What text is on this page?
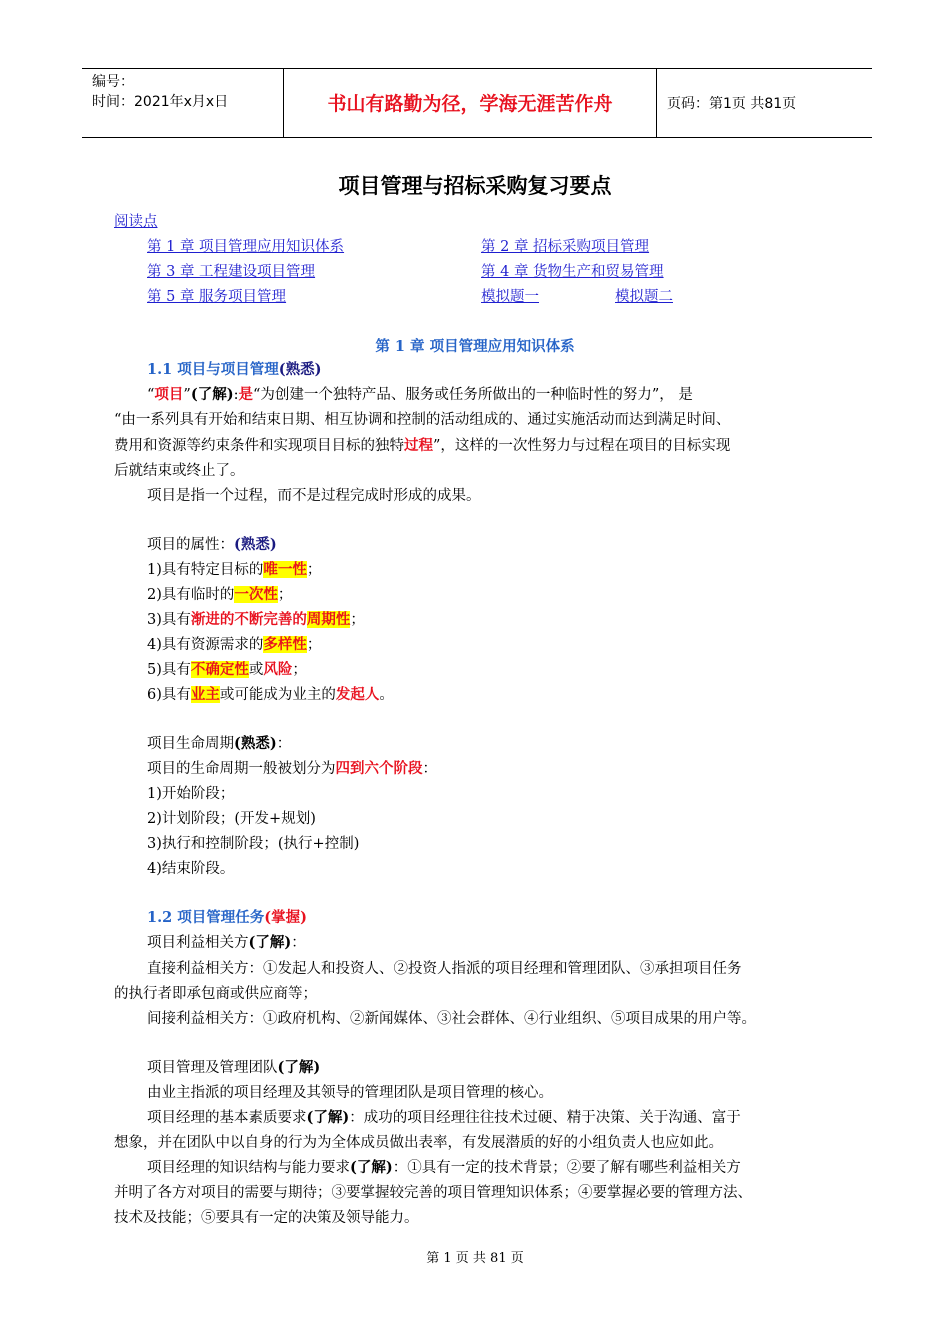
编号：
时间：2021年x月x日	书山有路勤为径，学海无涯苦作舟	页码：第1页 共81页
项目管理与招标采购复习要点
阅读点
第 1 章 项目管理应用知识体系	第 2 章 招标采购项目管理
第 3 章 工程建设项目管理	第 4 章 货物生产和贸易管理
第 5 章 服务项目管理	模拟题一	模拟题二
第 1 章 项目管理应用知识体系
1.1 项目与项目管理(熟悉)
“项目”(了解):是“为创建一个独特产品、服务或任务所做出的一种临时性的努力”， 是
“由一系列具有开始和结束日期、相互协调和控制的活动组成的、通过实施活动而达到满足时间、
费用和资源等约束条件和实现项目目标的独特过程”，这样的一次性努力与过程在项目的目标实现
后就结束或终止了。
项目是指一个过程，而不是过程完成时形成的成果。
项目的属性：(熟悉)
1)具有特定目标的唯一性；
2)具有临时的一次性；
3)具有渐进的不断完善的周期性；
4)具有资源需求的多样性；
5)具有不确定性或风险；
6)具有业主或可能成为业主的发起人。
项目生命周期(熟悉)：
项目的生命周期一般被划分为四到六个阶段：
1)开始阶段；
2)计划阶段；(开发+规划)
3)执行和控制阶段；(执行+控制)
4)结束阶段。
1.2 项目管理任务(掌握)
项目利益相关方(了解)：
直接利益相关方：①发起人和投资人、②投资人指派的项目经理和管理团队、③承担项目任务
的执行者即承包商或供应商等；
间接利益相关方：①政府机构、②新闻媒体、③社会群体、④行业组织、⑤项目成果的用户等。
项目管理及管理团队(了解)
由业主指派的项目经理及其领导的管理团队是项目管理的核心。
项目经理的基本素质要求(了解)：成功的项目经理往往技术过硬、精于决策、关于沟通、富于
想象，并在团队中以自身的行为为全体成员做出表率，有发展潜质的好的小组负责人也应如此。
项目经理的知识结构与能力要求(了解)：①具有一定的技术背景；②要了解有哪些利益相关方
并明了各方对项目的需要与期待；③要掌握较完善的项目管理知识体系；④要掌握必要的管理方法、
技术及技能；⑤要具有一定的决策及领导能力。
第 1 页 共 81 页
